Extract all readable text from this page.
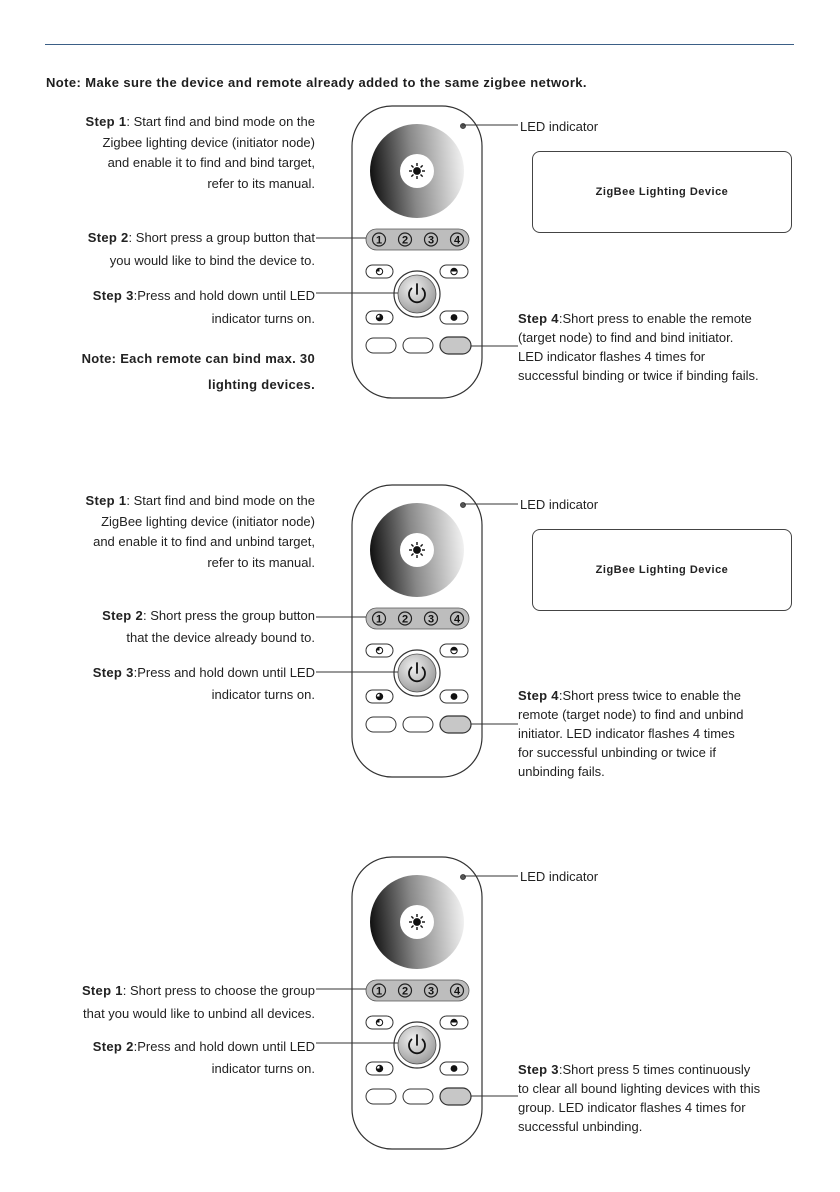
Note: Make sure the device and remote already added to the same zigbee network.

Step 1: Start find and bind mode on the

Zigbee lighting device (initiator node)

and enable it to find and bind target,

refer to its manual.

Step 2: Short press a group button that

you would like to bind the device to.

Step 3:Press and hold down until LED

indicator turns on.

Note: Each remote can bind max. 30

lighting devices.

LED indicator
ZigBee Lighting Device
Step 4:Short press to enable the remote
(target node) to find and bind initiator.
LED indicator flashes 4 times for
successful binding or twice if binding fails.
1 2 3 4

Step 1: Start find and bind mode on the

ZigBee lighting device (initiator node)

and enable it to find and unbind target,

refer to its manual.

Step 2: Short press the group button

that the device already bound to.

Step 3:Press and hold down until LED

indicator turns on.

LED indicator
ZigBee Lighting Device
Step 4:Short press twice to enable the
remote (target node) to find and unbind
initiator. LED indicator flashes 4 times
for successful unbinding or twice if
unbinding fails.
1 2 3 4

Step 1: Short press to choose the group

that you would like to unbind all devices.

Step 2:Press and hold down until LED

indicator turns on.

LED indicator
Step 3:Short press 5 times continuously
to clear all bound lighting devices with this
group. LED indicator flashes 4 times for
successful unbinding.
1 2 3 4
